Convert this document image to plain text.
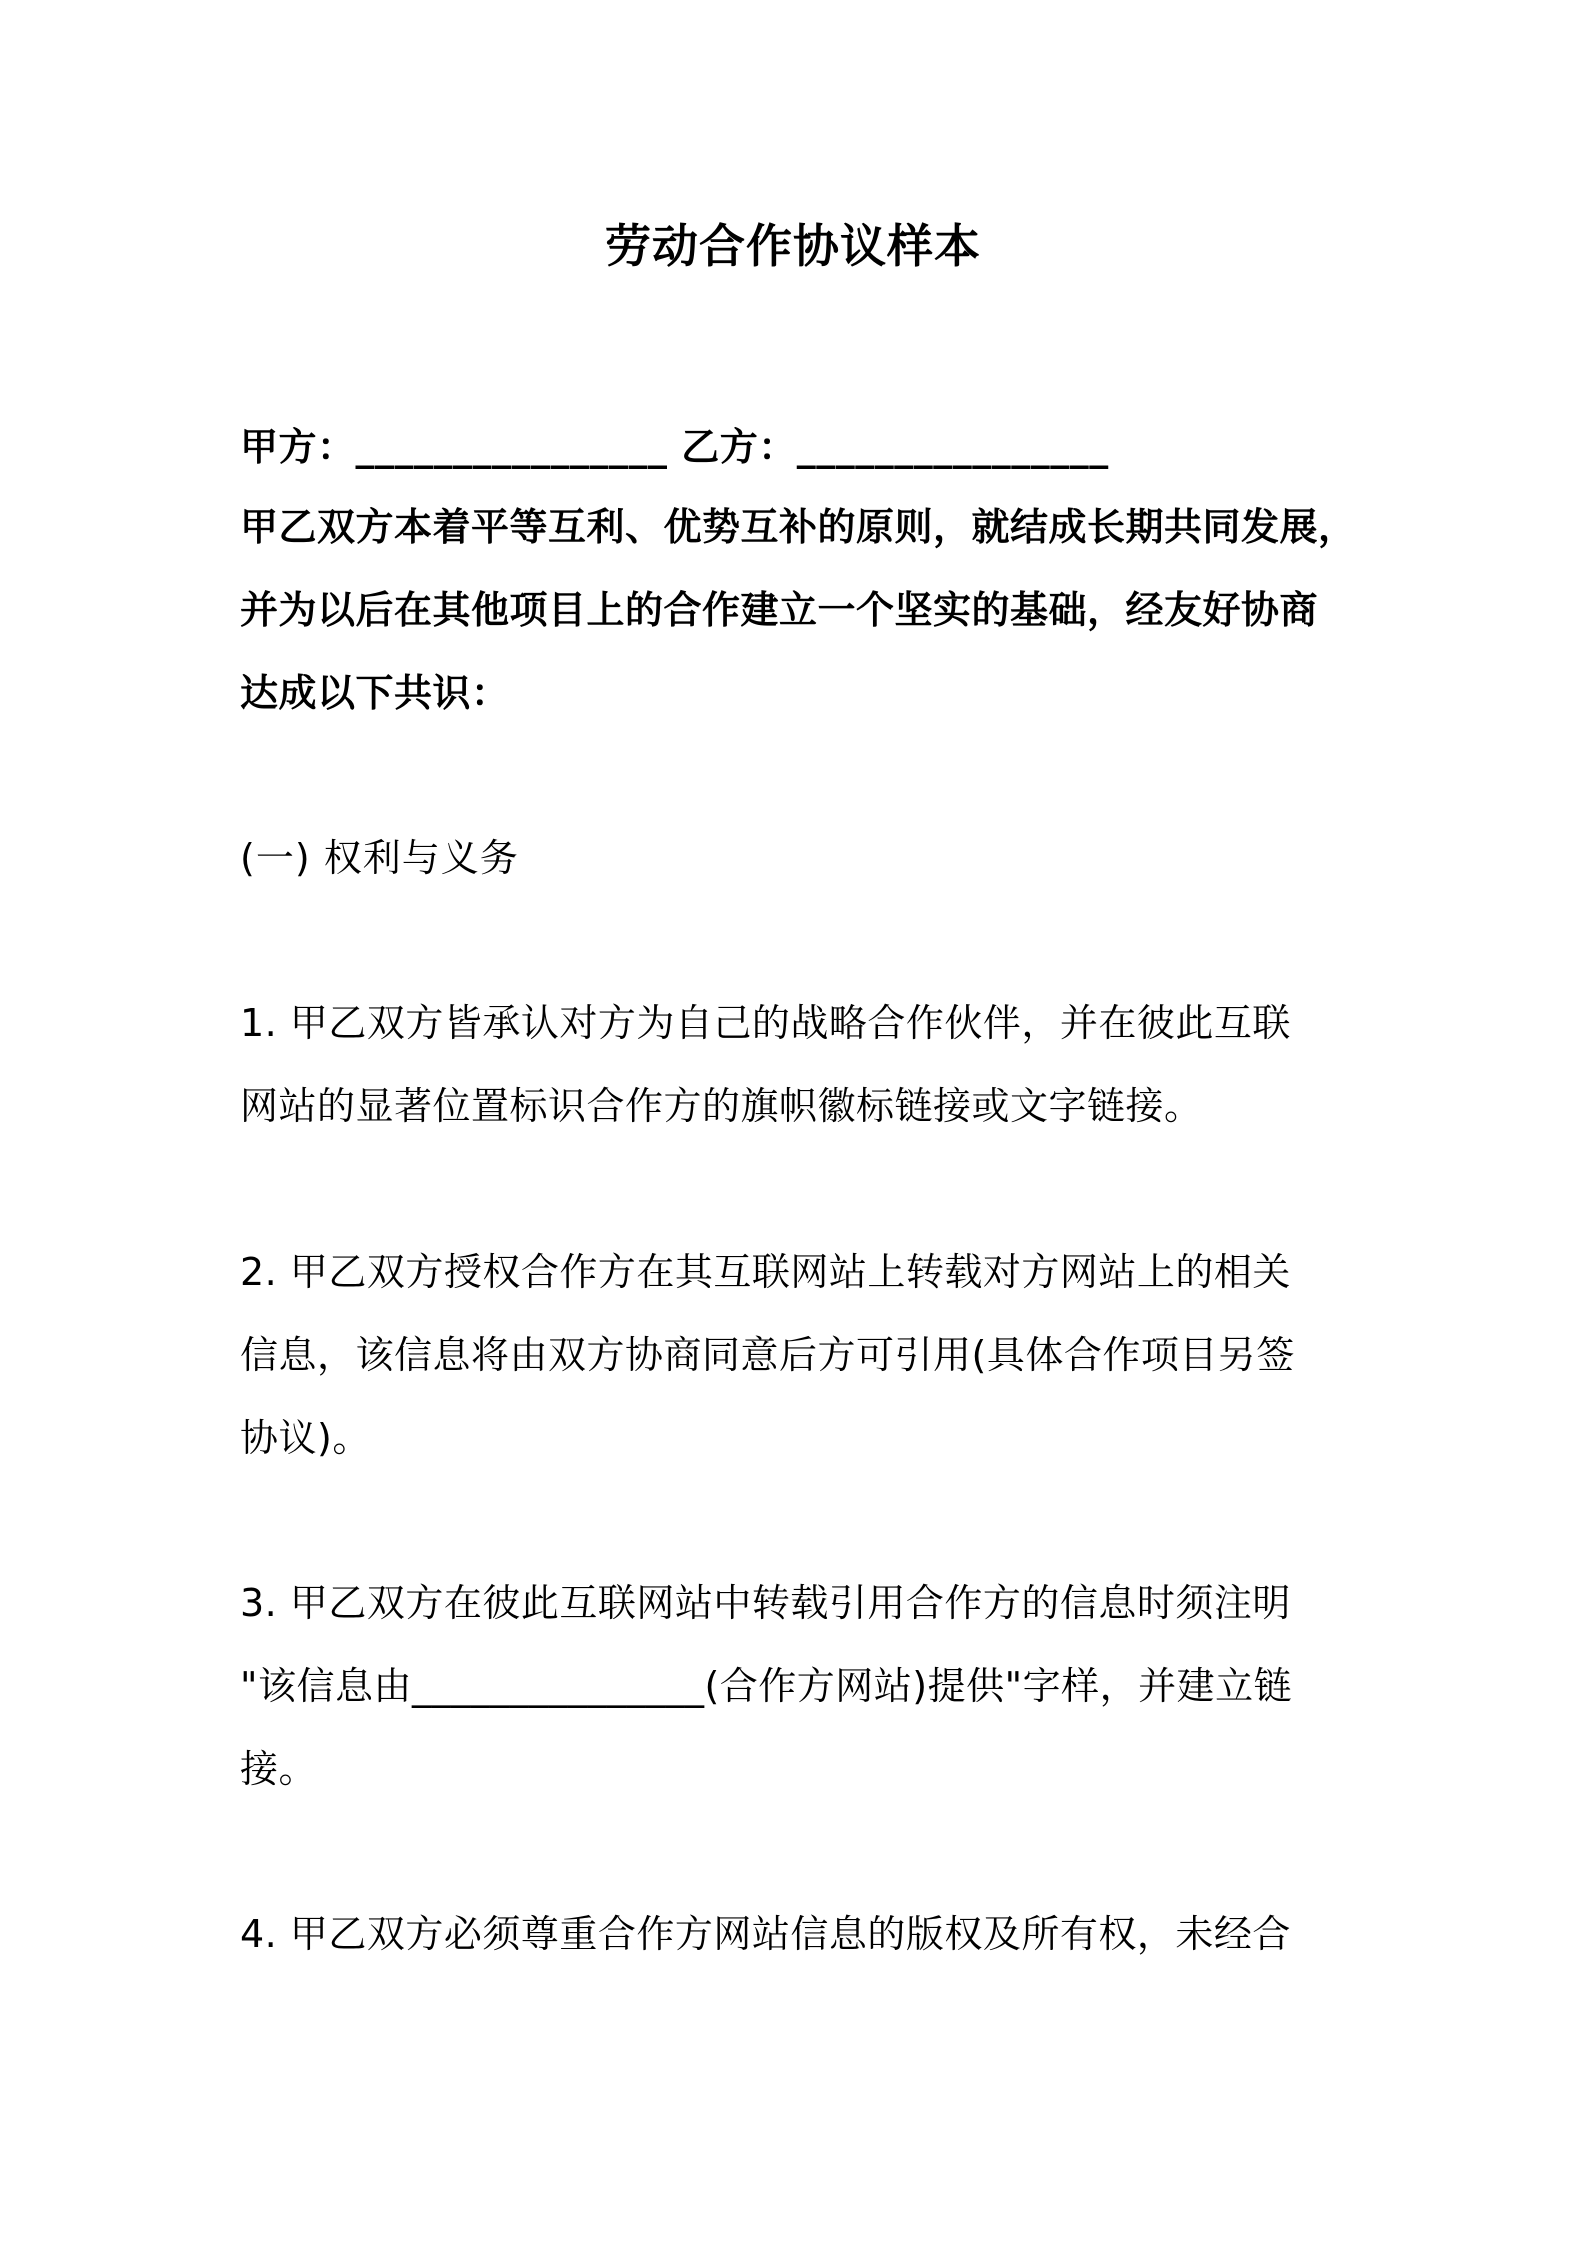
劳动合作协议样本
甲方：________________ 乙方：________________
甲乙双方本着平等互利、优势互补的原则，就结成长期共同发展，
并为以后在其他项目上的合作建立一个坚实的基础，经友好协商
达成以下共识：
(一) 权利与义务
1. 甲乙双方皆承认对方为自己的战略合作伙伴，并在彼此互联
网站的显著位置标识合作方的旗帜徽标链接或文字链接。
2. 甲乙双方授权合作方在其互联网站上转载对方网站上的相关
信息，该信息将由双方协商同意后方可引用(具体合作项目另签
协议)。
3. 甲乙双方在彼此互联网站中转载引用合作方的信息时须注明
"该信息由_______________(合作方网站)提供"字样，并建立链
接。
4. 甲乙双方必须尊重合作方网站信息的版权及所有权，未经合
